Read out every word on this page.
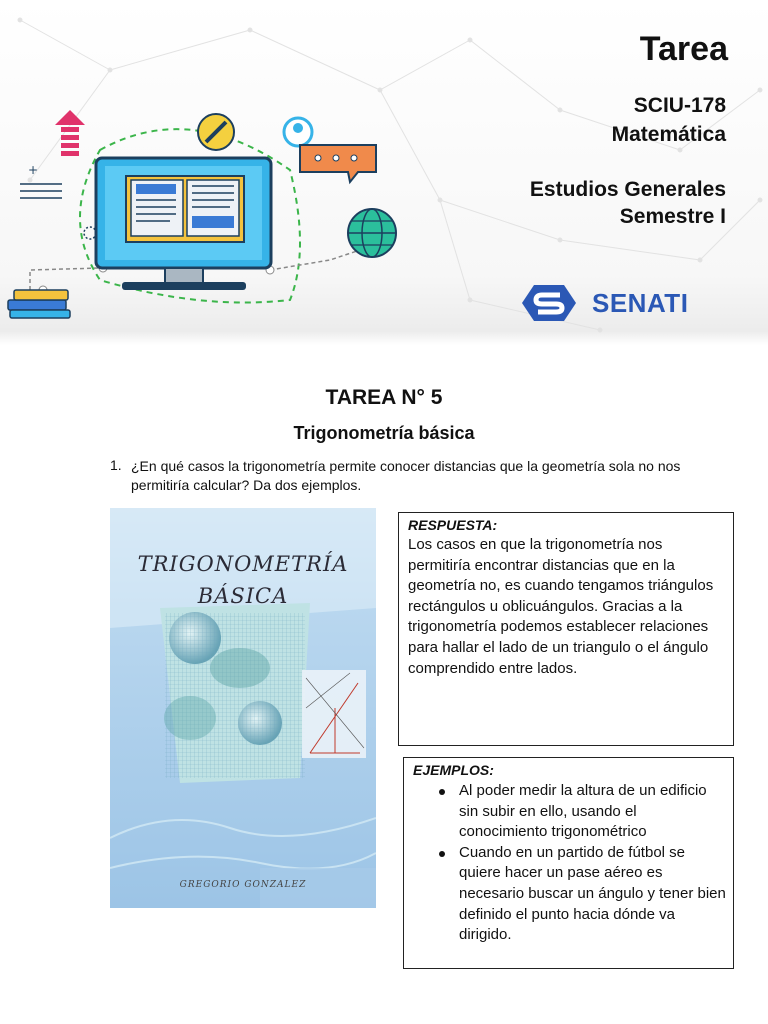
+
Tarea
SCIU-178
Matemática
Estudios Generales
Semestre I
SENATI
TAREA N° 5
Trigonometría básica
1. ¿En qué casos la trigonometría permite conocer distancias que la geometría sola no nos permitiría calcular? Da dos ejemplos.
TRIGONOMETRÍA
BÁSICA
GREGORIO GONZALEZ
RESPUESTA:
Los casos en que la trigonometría nos permitiría encontrar distancias que en la geometría no, es cuando tengamos triángulos rectángulos u oblicuángulos. Gracias a la trigonometría podemos establecer relaciones para hallar el lado de un triangulo o el ángulo comprendido entre lados.
EJEMPLOS:
Al poder medir la altura de un edificio sin subir en ello, usando el conocimiento trigonométrico
Cuando en un partido de fútbol se quiere hacer un pase aéreo es necesario buscar un ángulo y tener bien definido el punto hacia dónde va dirigido.
